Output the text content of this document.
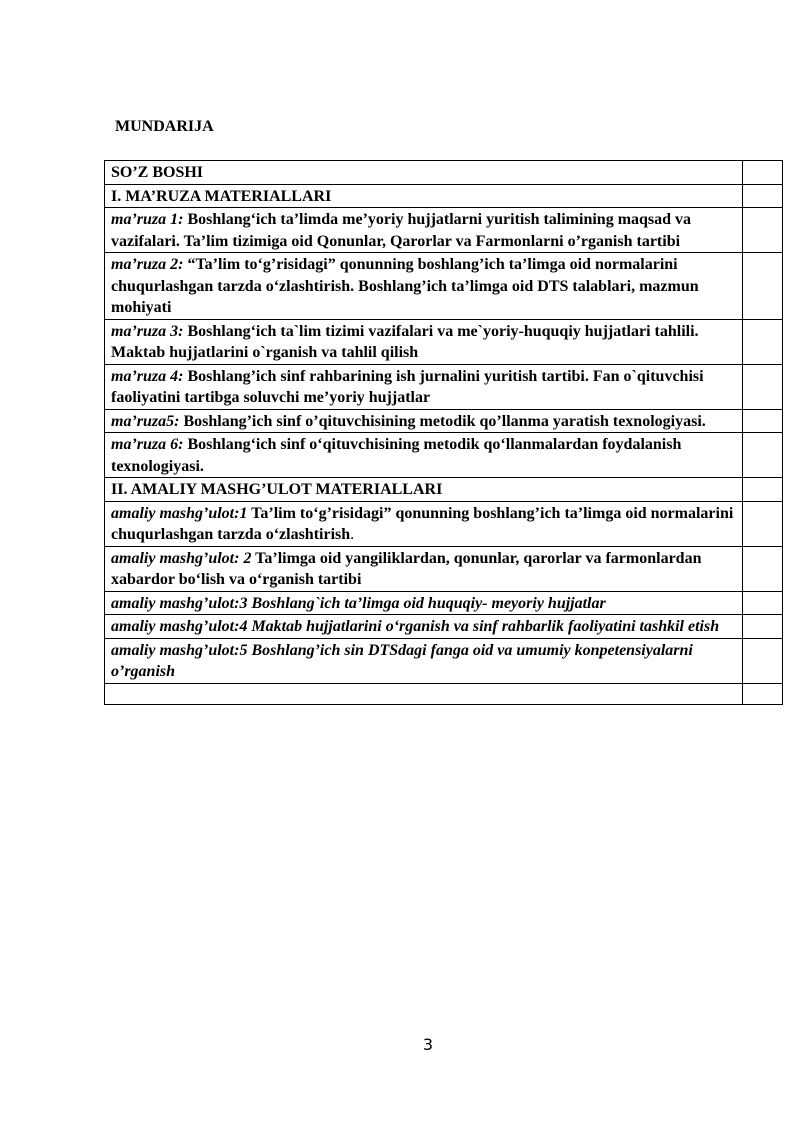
MUNDARIJA
SO’Z BOSHI	
I. MA’RUZA MATERIALLARI	
ma’ruza 1: Boshlang‘ich ta’limda me’yoriy hujjatlarni yuritish talimining maqsad va vazifalari. Ta’lim tizimiga oid Qonunlar, Qarorlar va Farmonlarni o’rganish tartibi	
ma’ruza 2: “Ta’lim to‘g’risidagi” qonunning boshlang’ich ta’limga oid normalarini chuqurlashgan tarzda o‘zlashtirish. Boshlang’ich ta’limga oid DTS talablari, mazmun mohiyati	
ma’ruza 3: Boshlang‘ich ta`lim tizimi vazifalari va me`yoriy-huquqiy hujjatlari tahlili. Maktab hujjatlarini o`rganish va tahlil qilish	
ma’ruza 4: Boshlang’ich sinf rahbarining ish jurnalini yuritish tartibi. Fan o`qituvchisi faoliyatini tartibga soluvchi me’yoriy hujjatlar	
ma’ruza5: Boshlang’ich sinf o’qituvchisining metodik qo’llanma yaratish texnologiyasi.	
ma’ruza 6: Boshlang‘ich sinf o‘qituvchisining metodik qo‘llanmalardan foydalanish texnologiyasi.	
II. AMALIY MASHG’ULOT MATERIALLARI	
amaliy mashg’ulot:1 Ta’lim to‘g’risidagi” qonunning boshlang’ich ta’limga oid normalarini chuqurlashgan tarzda o‘zlashtirish.	
amaliy mashg’ulot: 2 Ta’limga oid yangiliklardan, qonunlar, qarorlar va farmonlardan xabardor bo‘lish va o‘rganish tartibi	
amaliy mashg’ulot:3 Boshlang`ich ta’limga oid huquqiy- meyoriy hujjatlar	
amaliy mashg’ulot:4 Maktab hujjatlarini o‘rganish va sinf rahbarlik faoliyatini tashkil etish	
amaliy mashg’ulot:5 Boshlang’ich sin DTSdagi fanga oid va umumiy konpetensiyalarni o’rganish	

3
